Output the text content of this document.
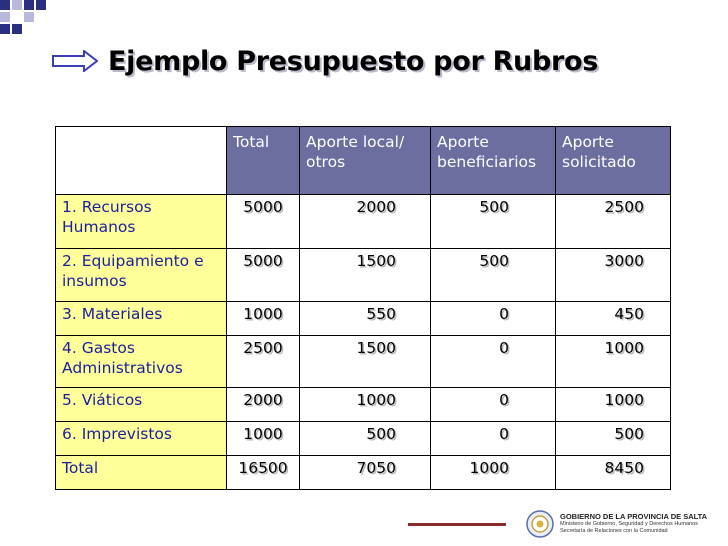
Ejemplo Presupuesto por Rubros
	Total	Aporte local/ otros	Aporte beneficiarios	Aporte solicitado
1. Recursos Humanos	5000	2000	500	2500
2. Equipamiento e insumos	5000	1500	500	3000
3. Materiales	1000	550	0	450
4. Gastos Administrativos	2500	1500	0	1000
5. Viáticos	2000	1000	0	1000
6. Imprevistos	1000	500	0	500
Total	16500	7050	1000	8450
GOBIERNO DE LA PROVINCIA DE SALTA
Ministerio de Gobierno, Seguridad y Derechos Humanos
Secretaría de Relaciones con la Comunidad
